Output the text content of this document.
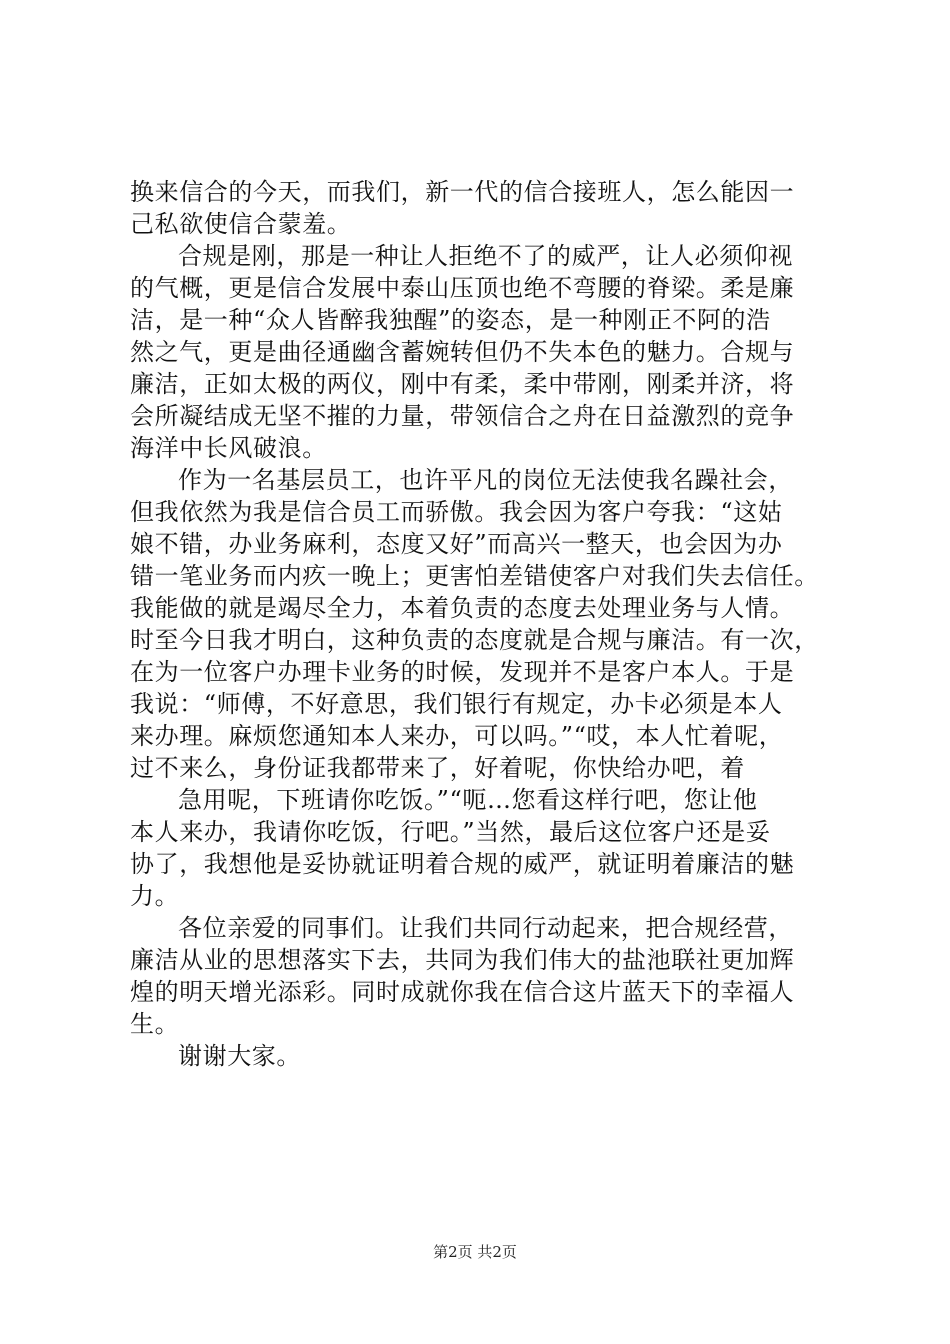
换来信合的今天，而我们，新一代的信合接班人，怎么能因一
己私欲使信合蒙羞。
合规是刚，那是一种让人拒绝不了的威严，让人必须仰视
的气概，更是信合发展中泰山压顶也绝不弯腰的脊梁。柔是廉
洁，是一种“众人皆醉我独醒”的姿态，是一种刚正不阿的浩
然之气，更是曲径通幽含蓄婉转但仍不失本色的魅力。合规与
廉洁，正如太极的两仪，刚中有柔，柔中带刚，刚柔并济，将
会所凝结成无坚不摧的力量，带领信合之舟在日益激烈的竞争
海洋中长风破浪。
作为一名基层员工，也许平凡的岗位无法使我名躁社会，
但我依然为我是信合员工而骄傲。我会因为客户夸我：“这姑
娘不错，办业务麻利，态度又好”而高兴一整天，也会因为办
错一笔业务而内疚一晚上；更害怕差错使客户对我们失去信任。
我能做的就是竭尽全力，本着负责的态度去处理业务与人情。
时至今日我才明白，这种负责的态度就是合规与廉洁。有一次，
在为一位客户办理卡业务的时候，发现并不是客户本人。于是
我说：“师傅，不好意思，我们银行有规定，办卡必须是本人
来办理。麻烦您通知本人来办，可以吗。”“哎，本人忙着呢，
过不来么，身份证我都带来了，好着呢，你快给办吧，着
急用呢，下班请你吃饭。”“呃…您看这样行吧，您让他
本人来办，我请你吃饭，行吧。”当然，最后这位客户还是妥
协了，我想他是妥协就证明着合规的威严，就证明着廉洁的魅
力。
各位亲爱的同事们。让我们共同行动起来，把合规经营，
廉洁从业的思想落实下去，共同为我们伟大的盐池联社更加辉
煌的明天增光添彩。同时成就你我在信合这片蓝天下的幸福人
生。
谢谢大家。
第2页 共2页
